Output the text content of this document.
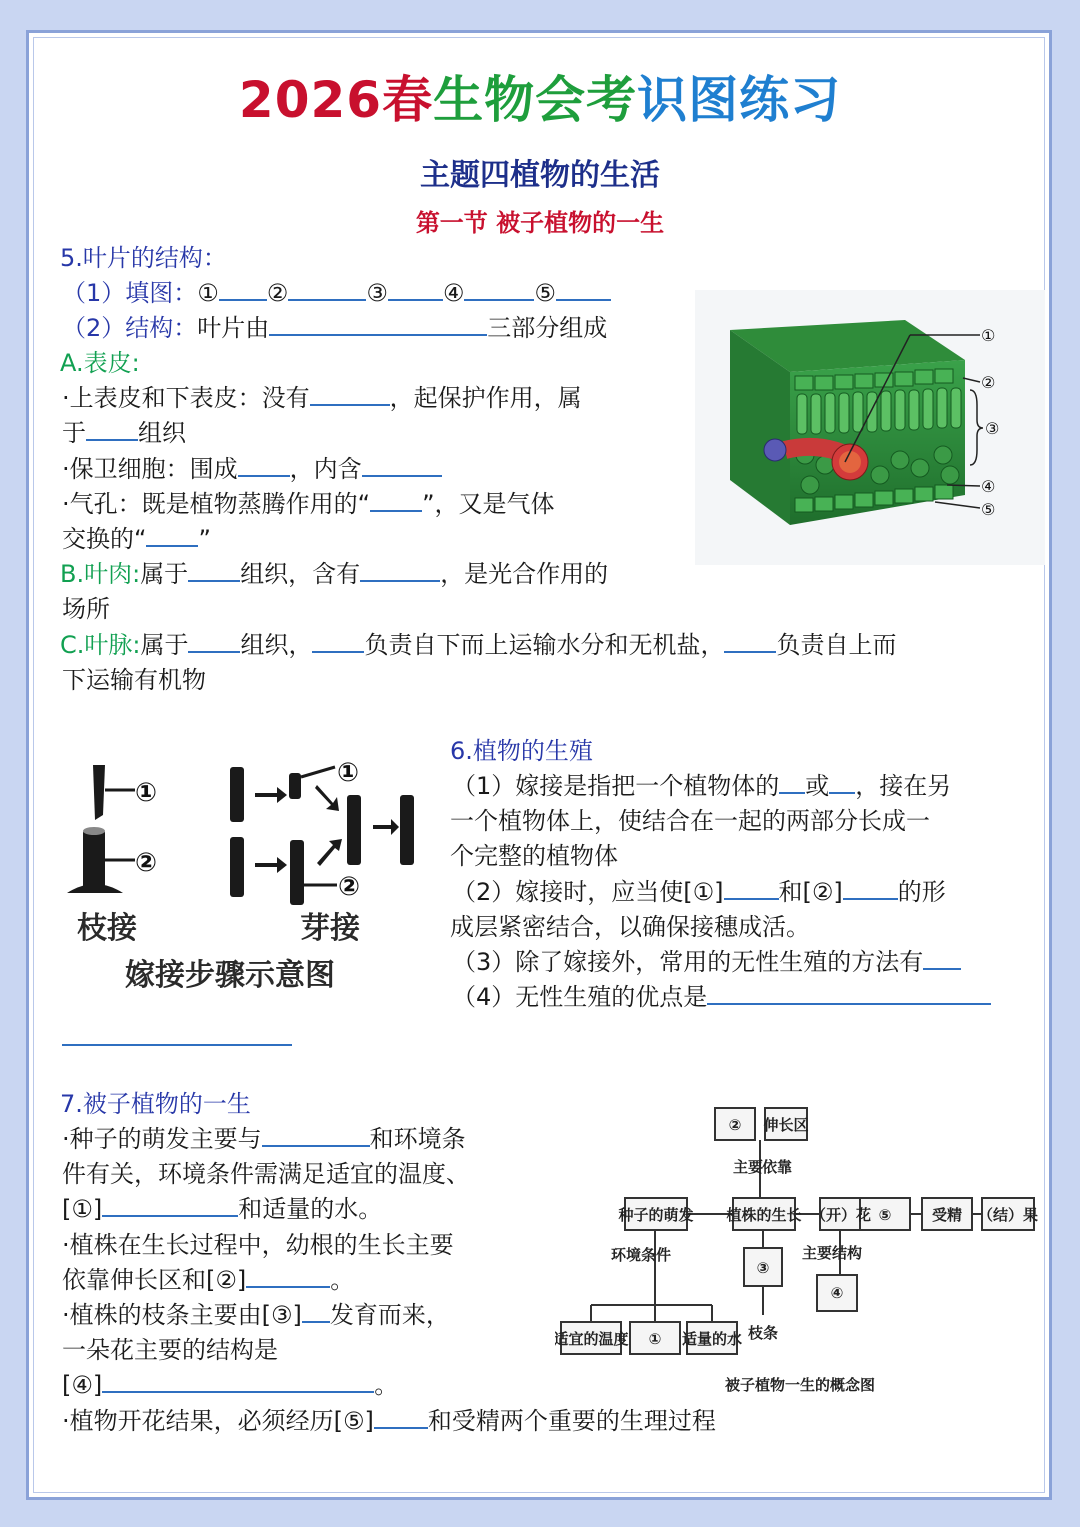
2026春生物会考识图练习
主题四植物的生活
第一节 被子植物的一生
5.叶片的结构：
（1）填图：① ②	③ ④	⑤
（2）结构：叶片由	三部分组成
A.表皮:
·上表皮和下表皮：没有	，起保护作用，属
于 组织
·保卫细胞：围成 ，内含
·气孔：既是植物蒸腾作用的“ ”，又是气体
交换的“ ”
B.叶肉:属于 组织，含有	，是光合作用的
场所
C.叶脉:属于 组织， 负责自下而上运输水分和无机盐， 负责自上而
下运输有机物
①
②
③
④
⑤
①
②
①
②
枝接	芽接
嫁接步骤示意图
6.植物的生殖
（1）嫁接是指把一个植物体的 或 ，接在另
一个植物体上，使结合在一起的两部分长成一
个完整的植物体
（2）嫁接时，应当使[①] 和[②] 的形
成层紧密结合，以确保接穗成活。
（3）除了嫁接外，常用的无性生殖的方法有
（4）无性生殖的优点是
7.被子植物的一生
·种子的萌发主要与	和环境条
件有关，环境条件需满足适宜的温度、
[①]	和适量的水。
·植株在生长过程中，幼根的生长主要
依靠伸长区和[②]	。
·植株的枝条主要由[③] 发育而来，
一朵花主要的结构是
[④]	。
·植物开花结果，必须经历[⑤] 和受精两个重要的生理过程
② 伸长区
主要
依靠
种子的萌发 植株的生长 （开）花 ⑤	受精 （结）果
环境条件
适宜的温度 ① 适量的水
③
枝条
主要 结构
④
被子植物一生的概念图
